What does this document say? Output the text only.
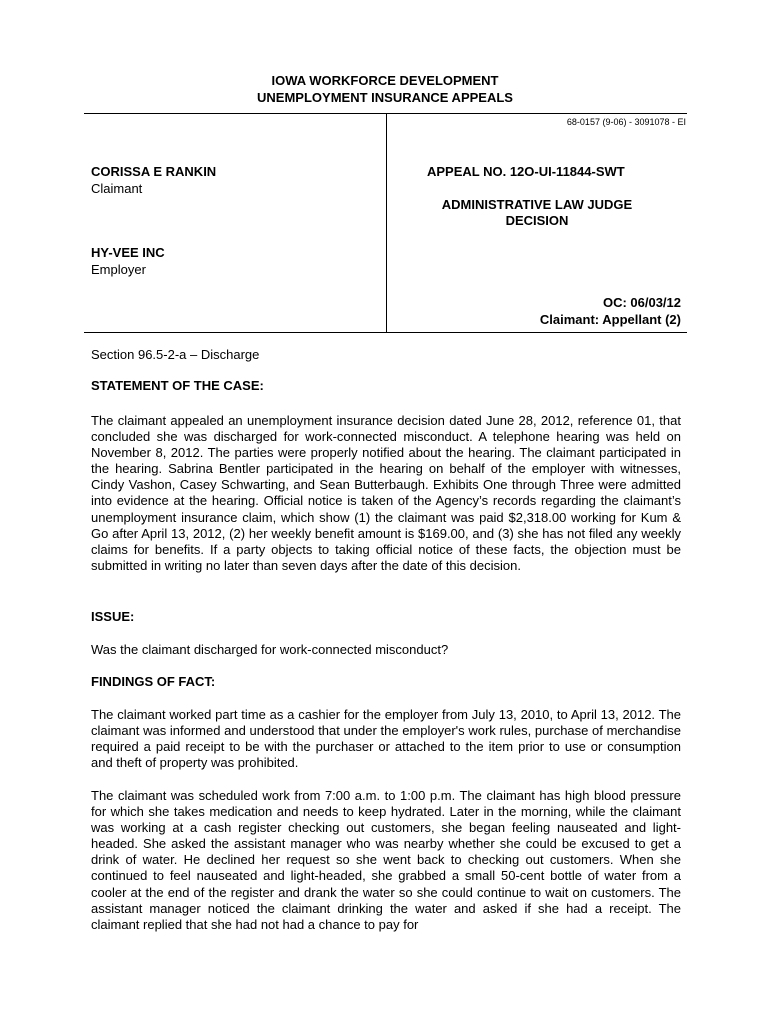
IOWA WORKFORCE DEVELOPMENT
UNEMPLOYMENT INSURANCE APPEALS
68-0157 (9-06) - 3091078 - EI
CORISSA E RANKIN
Claimant
HY-VEE INC
Employer
APPEAL NO. 12O-UI-11844-SWT
ADMINISTRATIVE LAW JUDGE
DECISION
OC: 06/03/12
Claimant: Appellant (2)
Section 96.5-2-a – Discharge
STATEMENT OF THE CASE:

The claimant appealed an unemployment insurance decision dated June 28, 2012, reference 01, that concluded she was discharged for work-connected misconduct. A telephone hearing was held on November 8, 2012. The parties were properly notified about the hearing. The claimant participated in the hearing. Sabrina Bentler participated in the hearing on behalf of the employer with witnesses, Cindy Vashon, Casey Schwarting, and Sean Butterbaugh. Exhibits One through Three were admitted into evidence at the hearing. Official notice is taken of the Agency’s records regarding the claimant’s unemployment insurance claim, which show (1) the claimant was paid $2,318.00 working for Kum & Go after April 13, 2012, (2) her weekly benefit amount is $169.00, and (3) she has not filed any weekly claims for benefits. If a party objects to taking official notice of these facts, the objection must be submitted in writing no later than seven days after the date of this decision.

ISSUE:

Was the claimant discharged for work-connected misconduct?

FINDINGS OF FACT:

The claimant worked part time as a cashier for the employer from July 13, 2010, to April 13, 2012. The claimant was informed and understood that under the employer's work rules, purchase of merchandise required a paid receipt to be with the purchaser or attached to the item prior to use or consumption and theft of property was prohibited.

The claimant was scheduled work from 7:00 a.m. to 1:00 p.m. The claimant has high blood pressure for which she takes medication and needs to keep hydrated. Later in the morning, while the claimant was working at a cash register checking out customers, she began feeling nauseated and light-headed. She asked the assistant manager who was nearby whether she could be excused to get a drink of water. He declined her request so she went back to checking out customers. When she continued to feel nauseated and light-headed, she grabbed a small 50-cent bottle of water from a cooler at the end of the register and drank the water so she could continue to wait on customers. The assistant manager noticed the claimant drinking the water and asked if she had a receipt. The claimant replied that she had not had a chance to pay for
